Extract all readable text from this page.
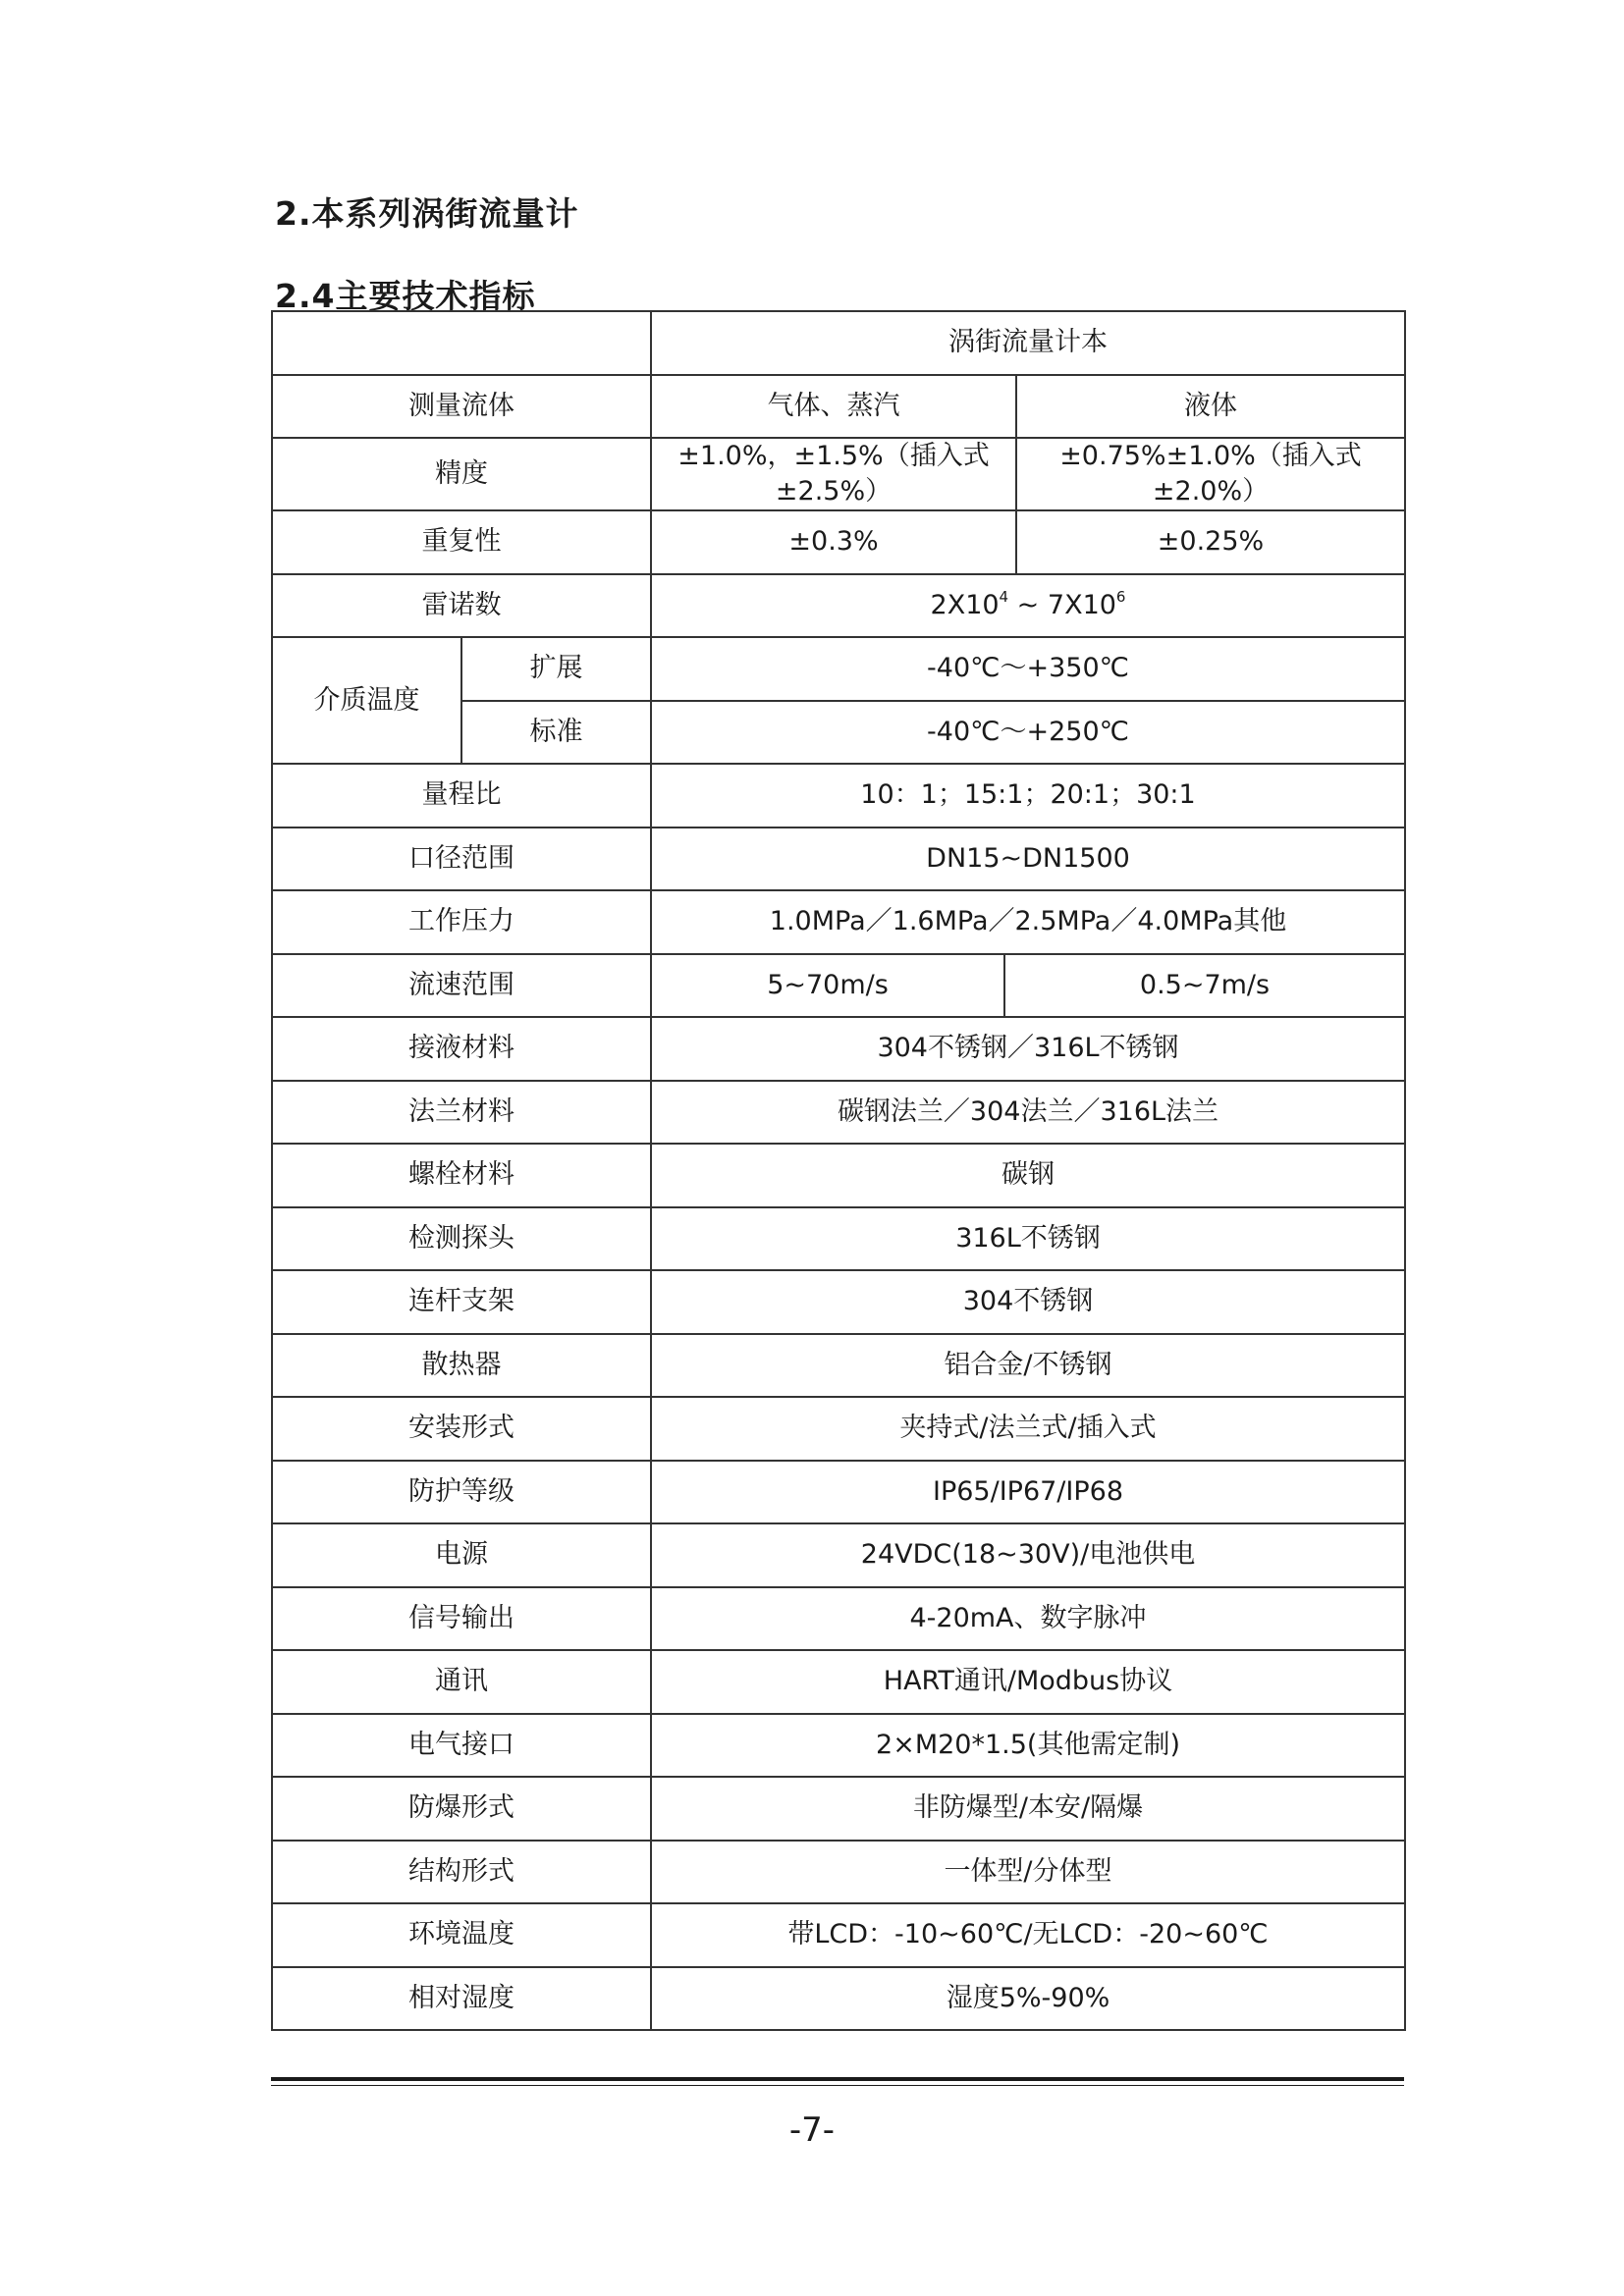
2.本系列涡街流量计
2.4主要技术指标
		涡街流量计本		
测量流体		气体、蒸汽		液体
精度		±1.0%，±1.5%（插入式±2.5%）		±0.75%±1.0%（插入式±2.0%）
重复性		±0.3%		±0.25%
雷诺数		$2X10^4$ ~ $7X10^6$
介质温度	扩展	-40℃～+350℃		
	标准	-40℃～+250℃		
量程比		10：1；15:1；20:1；30:1		
口径范围		DN15~DN1500		
工作压力		1.0MPa／1.6MPa／2.5MPa／4.0MPa其他		
流速范围		5~70m/s	0.5~7m/s	
接液材料		304不锈钢／316L不锈钢		
法兰材料		碳钢法兰／304法兰／316L法兰		
螺栓材料		碳钢		
检测探头		316L不锈钢		
连杆支架		304不锈钢		
散热器		铝合金/不锈钢		
安装形式		夹持式/法兰式/插入式		
防护等级		IP65/IP67/IP68		
电源		24VDC(18~30V)/电池供电		
信号输出		4-20mA、数字脉冲		
通讯		HART通讯/Modbus协议		
电气接口		2×M20*1.5(其他需定制)		
防爆形式		非防爆型/本安/隔爆		
结构形式		一体型/分体型		
环境温度		带LCD：-10~60℃/无LCD：-20~60℃		
相对湿度		湿度5%-90%		
-7-
